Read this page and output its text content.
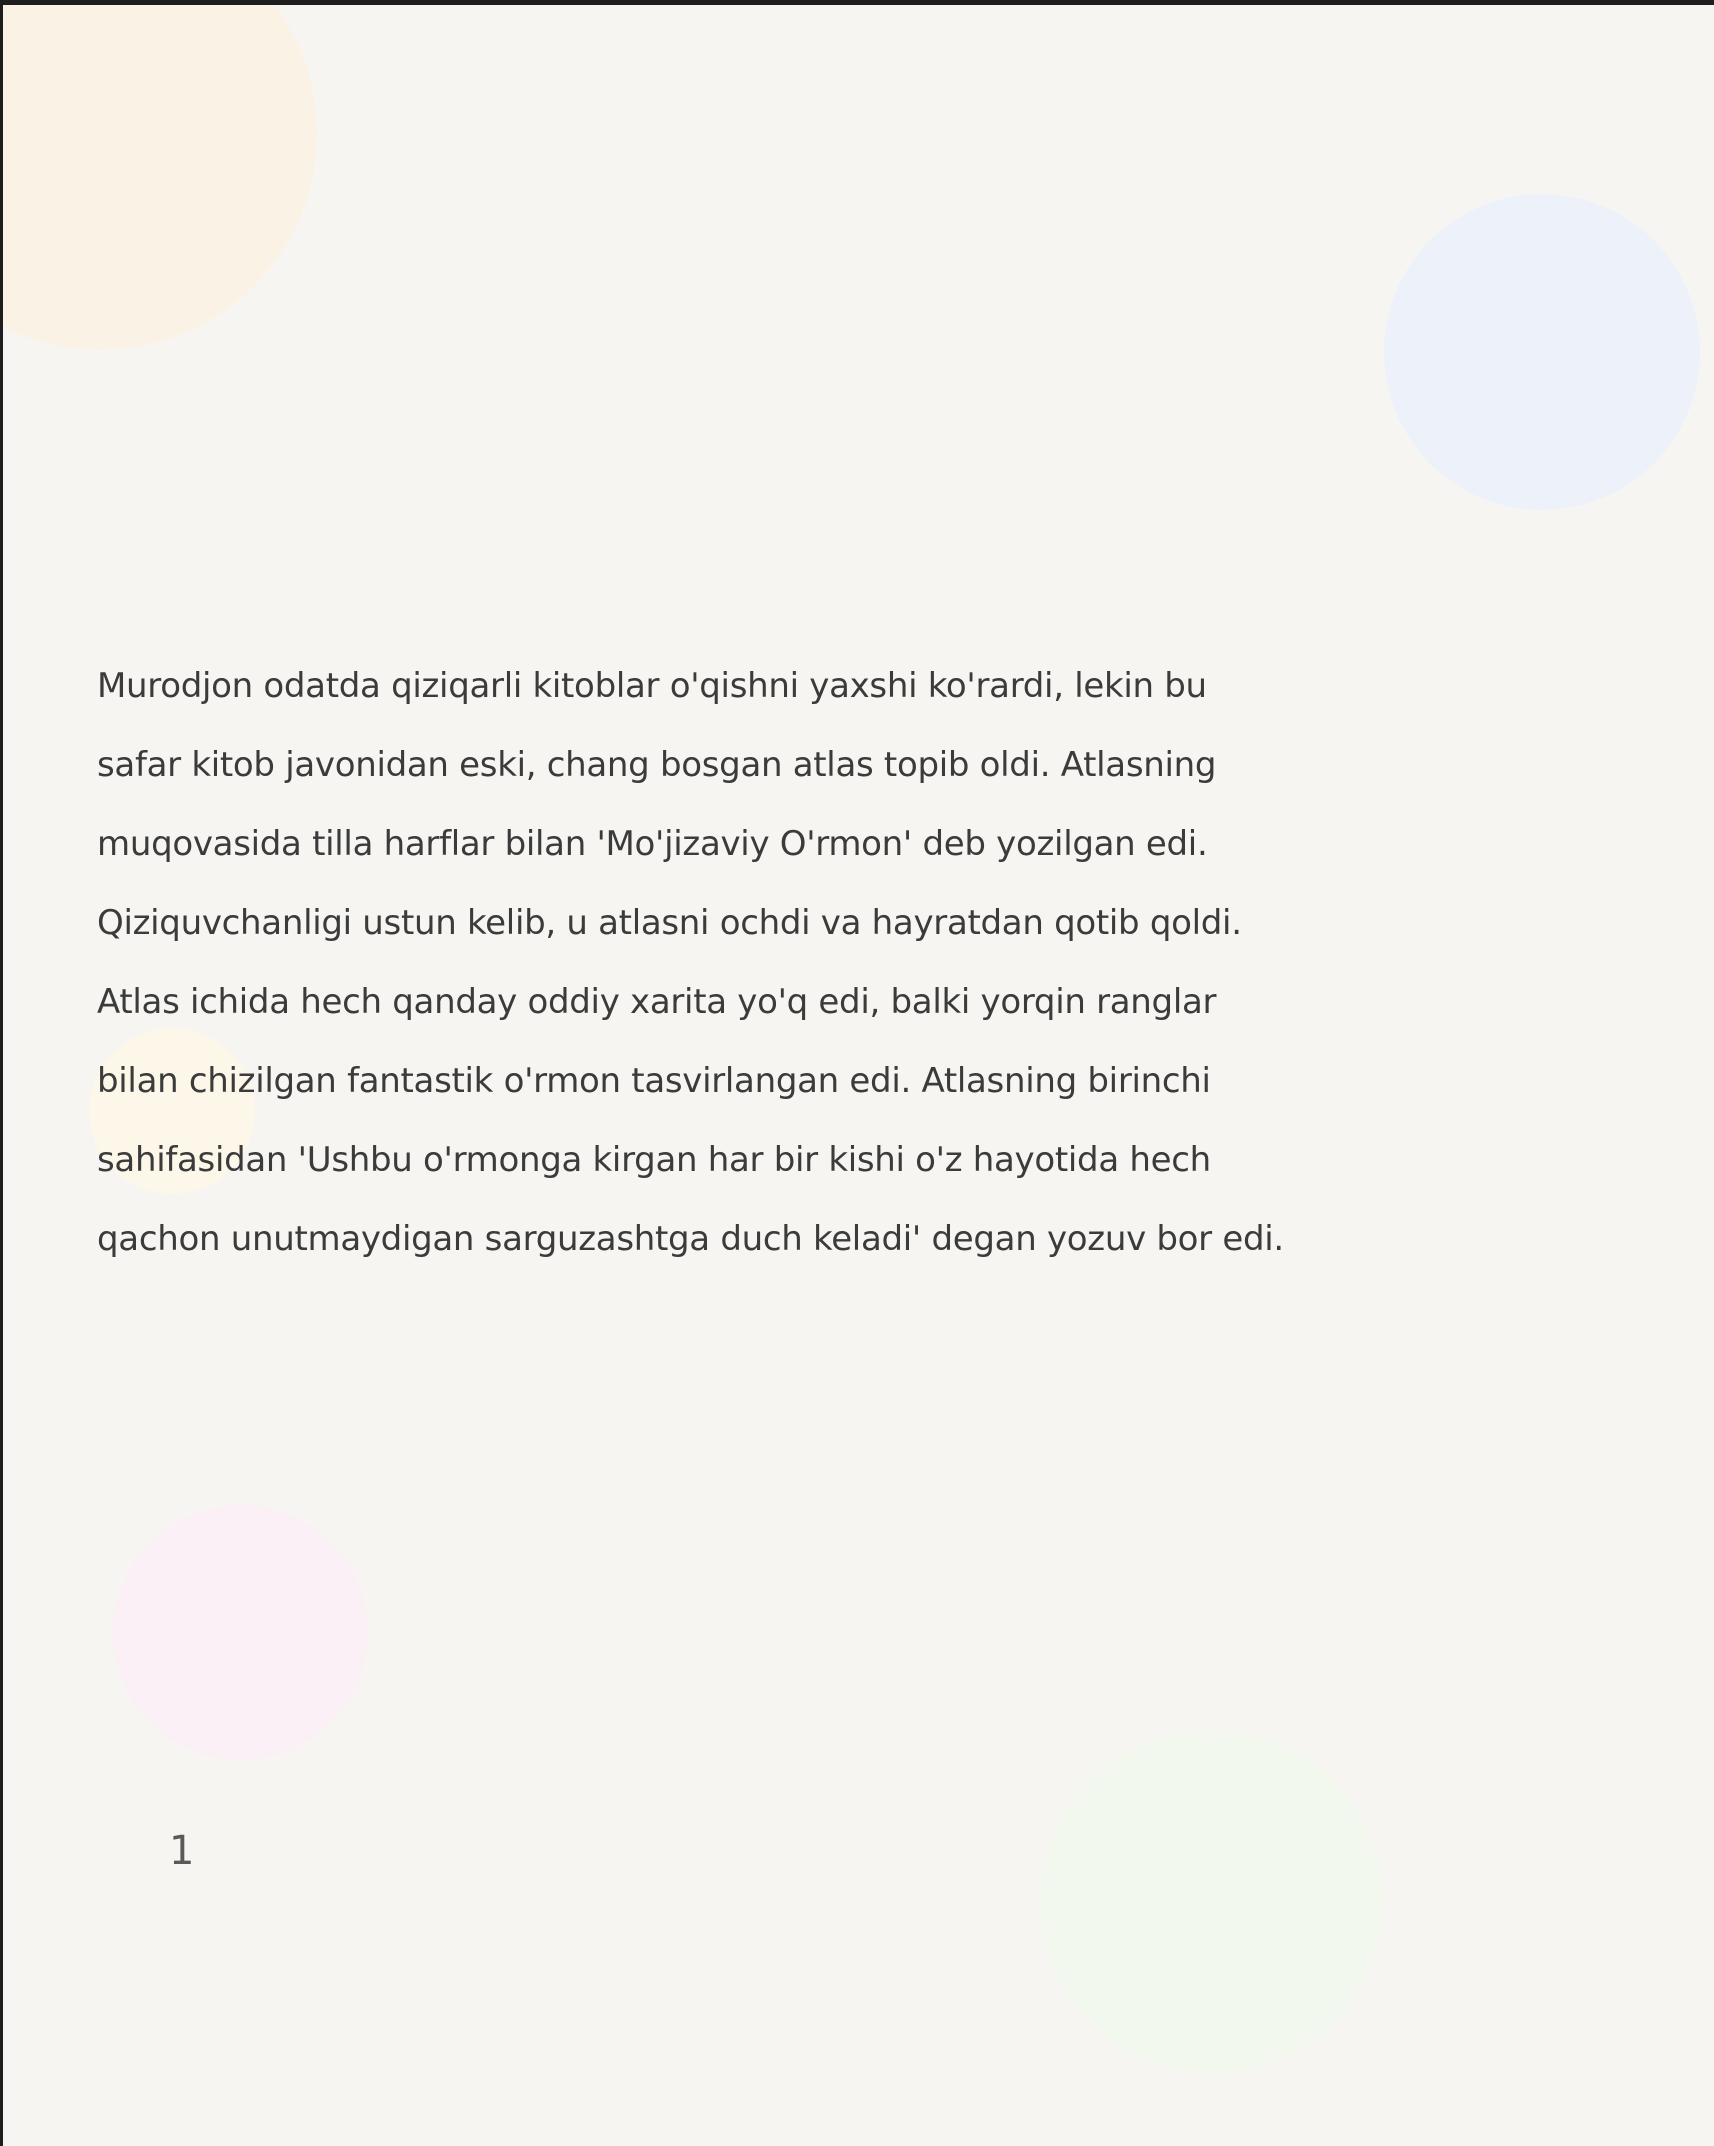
Murodjon odatda qiziqarli kitoblar o'qishni yaxshi ko'rardi, lekin bu
safar kitob javonidan eski, chang bosgan atlas topib oldi. Atlasning
muqovasida tilla harflar bilan 'Mo'jizaviy O'rmon' deb yozilgan edi.
Qiziquvchanligi ustun kelib, u atlasni ochdi va hayratdan qotib qoldi.
Atlas ichida hech qanday oddiy xarita yo'q edi, balki yorqin ranglar
bilan chizilgan fantastik o'rmon tasvirlangan edi. Atlasning birinchi
sahifasidan 'Ushbu o'rmonga kirgan har bir kishi o'z hayotida hech
qachon unutmaydigan sarguzashtga duch keladi' degan yozuv bor edi.
1
